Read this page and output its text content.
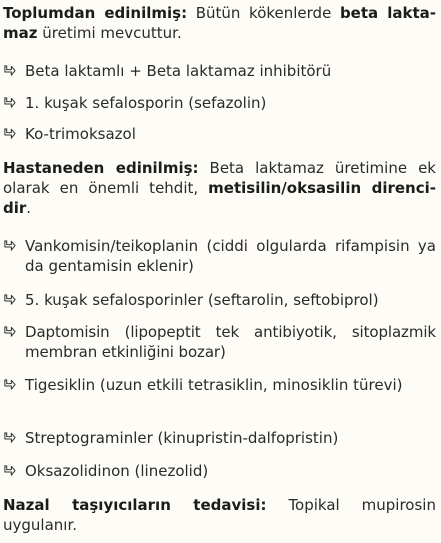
Toplumdan edinilmiş: Bütün kökenlerde beta lakta-maz üretimi mevcuttur.
Beta laktamlı + Beta laktamaz inhibitörü
1. kuşak sefalosporin (sefazolin)
Ko-trimoksazol
Hastaneden edinilmiş: Beta laktamaz üretimine ek olarak en önemli tehdit, metisilin/oksasilin direnci-dir.
Vankomisin/teikoplanin (ciddi olgularda rifampisin ya da gentamisin eklenir)
5. kuşak sefalosporinler (seftarolin, seftobiprol)
Daptomisin (lipopeptit tek antibiyotik, sitoplazmik membran etkinliğini bozar)
Tigesiklin (uzun etkili tetrasiklin, minosiklin türevi)
Streptograminler (kinupristin-dalfopristin)
Oksazolidinon (linezolid)
Nazal taşıyıcıların tedavisi: Topikal mupirosin uygulanır.
